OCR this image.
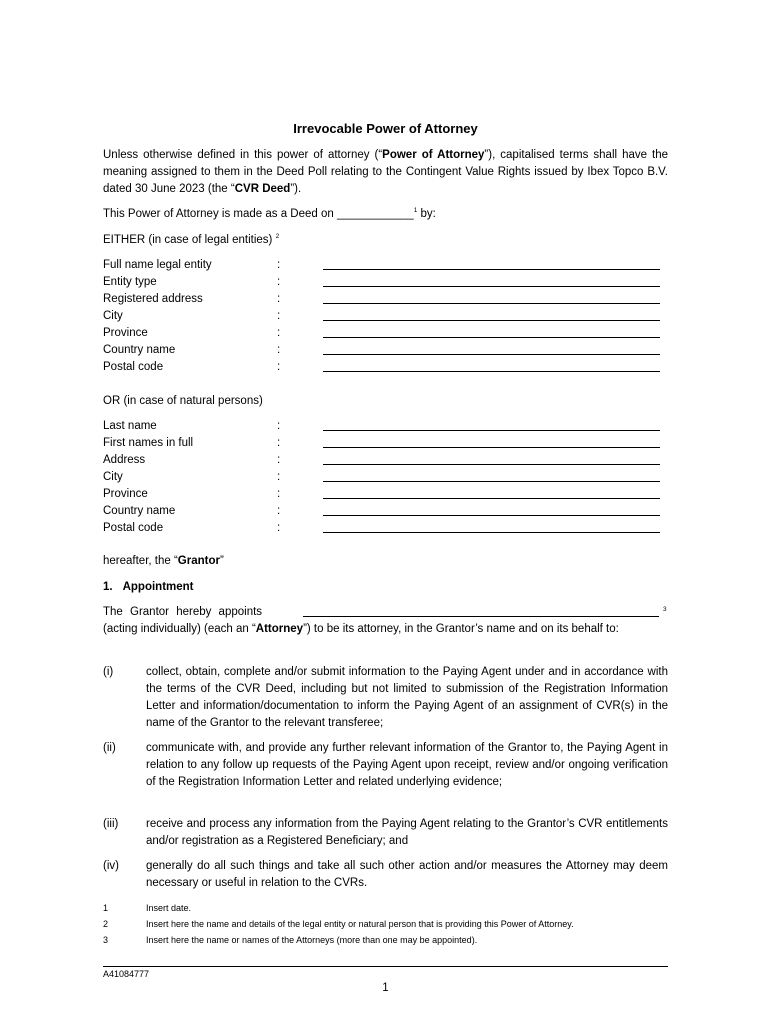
Irrevocable Power of Attorney
Unless otherwise defined in this power of attorney (“Power of Attorney”), capitalised terms shall have the meaning assigned to them in the Deed Poll relating to the Contingent Value Rights issued by Ibex Topco B.V. dated 30 June 2023 (the “CVR Deed”).
This Power of Attorney is made as a Deed on ____________$^1$ by:
EITHER (in case of legal entities) $^2$
Full name legal entity	:
Entity type	:
Registered address	:
City	:
Province	:
Country name	:
Postal code	:
OR (in case of natural persons)
Last name	:
First names in full	:
Address	:
City	:
Province	:
Country name	:
Postal code	:
hereafter, the “Grantor”
1. Appointment
The Grantor hereby appoints	3
(acting individually) (each an “Attorney”) to be its attorney, in the Grantor’s name and on its behalf to:
(i)	collect, obtain, complete and/or submit information to the Paying Agent under and in accordance with the terms of the CVR Deed, including but not limited to submission of the Registration Information Letter and information/documentation to inform the Paying Agent of an assignment of CVR(s) in the name of the Grantor to the relevant transferee;
(ii)	communicate with, and provide any further relevant information of the Grantor to, the Paying Agent in relation to any follow up requests of the Paying Agent upon receipt, review and/or ongoing verification of the Registration Information Letter and related underlying evidence;
(iii) receive and process any information from the Paying Agent relating to the Grantor’s CVR entitlements and/or registration as a Registered Beneficiary; and
(iv) generally do all such things and take all such other action and/or measures the Attorney may deem necessary or useful in relation to the CVRs.
1	Insert date.
2	Insert here the name and details of the legal entity or natural person that is providing this Power of Attorney.
3	Insert here the name or names of the Attorneys (more than one may be appointed).
A41084777
1
